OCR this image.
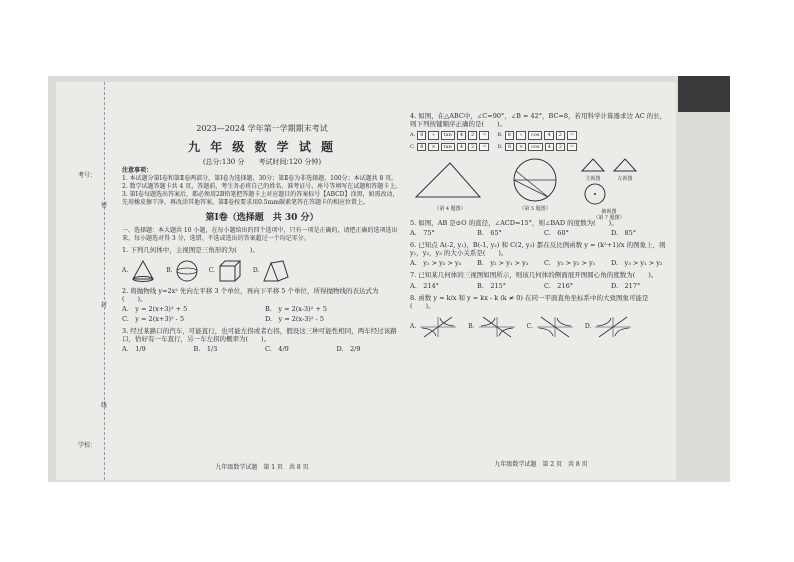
考号：
学校：
密
封
线
2023—2024 学年第一学期期末考试
九 年 级 数 学 试 题
(总分:130 分　　考试时间:120 分钟)

注意事项：

1. 本试题分第Ⅰ卷和第Ⅱ卷两部分，第Ⅰ卷为选择题，30分；第Ⅱ卷为非选择题，100分；本试题共 8 页。

2. 数学试题答题卡共 4 页，答题前，考生务必将自己的姓名、准考证号、座号等填写在试题和答题卡上。

3. 第Ⅰ卷每题选出答案后，都必须用2B铅笔把答题卡上对应题目的答案标号【ABCD】涂黑，如需改动，先用橡皮擦干净，再改涂其他答案。第Ⅱ卷按要求用0.5mm碳素笔答在答题卡的相应位置上。

第Ⅰ卷（选择题　共 30 分）

一、选择题：本大题共 10 小题，在每小题给出的四个选项中，只有一项是正确的，请把正确的选项选出来，每小题选对得 3 分，选错、不选或选出的答案超过一个均记零分。

1. 下列几何体中，主视图是三角形的为(　　)。

A.	B.	C.	D.

2. 将抛物线 y=2x² 先向左平移 3 个单位，再向下平移 5 个单位，所得抛物线的表达式为(　　)。

A.　y = 2(x+3)² + 5	B.　y = 2(x-3)² + 5
C.　y = 2(x+3)² - 5	D.　y = 2(x-3)² - 5

3. 经过某路口的汽车，可能直行，也可能左拐或者右拐，假设这三种可能性相同，两车经过该路口，恰好有一车直行，另一车左拐的概率为(　　)。

A.　1/9	B.　1/3	C.　4/9	D.　2/9
九年级数学试题　第 1 页　共 8 页

4. 如图，在△ABC中，∠C=90°，∠B = 42°，BC=8，若用科学计算器求边 AC 的长，则下列按键顺序正确的是(　　)。

A.	8	÷	tan	4	2	=	B.	8	÷	cos	4	2	=
C.	8	×	tan	4	2	=	D.	8	×	cos	4	2	=
（第 4 题图）	（第 5 题图）
主视图	左视图
俯视图
（第 7 题图）

5. 如图，AB 是⊙O 的直径，∠ACD=15°，则∠BAD 的度数为(　　)。

A.　75°	B.　65°	C.　60°	D.　85°

6. 已知点 A(-2, y₁)，B(-1, y₂) 和 C(2, y₃) 都在反比例函数 y = (k²+1)/x 的图象上，则 y₁，y₂，y₃ 的大小关系是(　　)。

A.　y₁ > y₂ > y₃	B.　y₂ > y₁ > y₃	C.　y₃ > y₂ > y₁	D.　y₃ > y₁ > y₂

7. 已知某几何体的三视图如图所示，则该几何体的侧面展开图圆心角的度数为(　　)。

A.　214°	B.　215°	C.　216°	D.　217°

8. 函数 y = k/x 和 y = kx - k (k ≠ 0) 在同一平面直角坐标系中的大致图象可能是(　　)。

A.	B.	C.	D.
九年级数学试题　第 2 页　共 8 页
